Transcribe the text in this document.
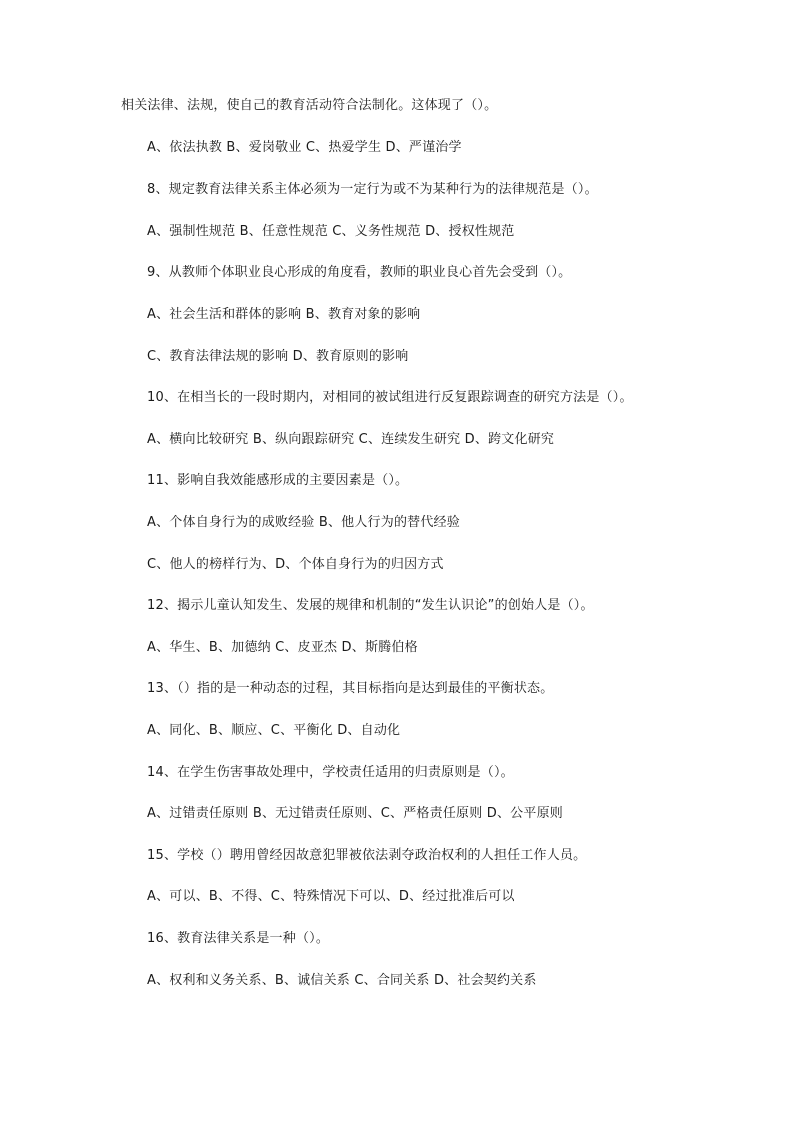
相关法律、法规，使自己的教育活动符合法制化。这体现了（）。
A、依法执教 B、爱岗敬业 C、热爱学生 D、严谨治学
8、规定教育法律关系主体必须为一定行为或不为某种行为的法律规范是（）。
A、强制性规范 B、任意性规范 C、义务性规范 D、授权性规范
9、从教师个体职业良心形成的角度看，教师的职业良心首先会受到（）。
A、社会生活和群体的影响 B、教育对象的影响
C、教育法律法规的影响 D、教育原则的影响
10、在相当长的一段时期内，对相同的被试组进行反复跟踪调查的研究方法是（）。
A、横向比较研究 B、纵向跟踪研究 C、连续发生研究 D、跨文化研究
11、影响自我效能感形成的主要因素是（）。
A、个体自身行为的成败经验 B、他人行为的替代经验
C、他人的榜样行为、D、个体自身行为的归因方式
12、揭示儿童认知发生、发展的规律和机制的“发生认识论”的创始人是（）。
A、华生、B、加德纳 C、皮亚杰 D、斯腾伯格
13、（）指的是一种动态的过程，其目标指向是达到最佳的平衡状态。
A、同化、B、顺应、C、平衡化 D、自动化
14、在学生伤害事故处理中，学校责任适用的归责原则是（）。
A、过错责任原则 B、无过错责任原则、C、严格责任原则 D、公平原则
15、学校（）聘用曾经因故意犯罪被依法剥夺政治权利的人担任工作人员。
A、可以、B、不得、C、特殊情况下可以、D、经过批准后可以
16、教育法律关系是一种（）。
A、权利和义务关系、B、诚信关系 C、合同关系 D、社会契约关系
